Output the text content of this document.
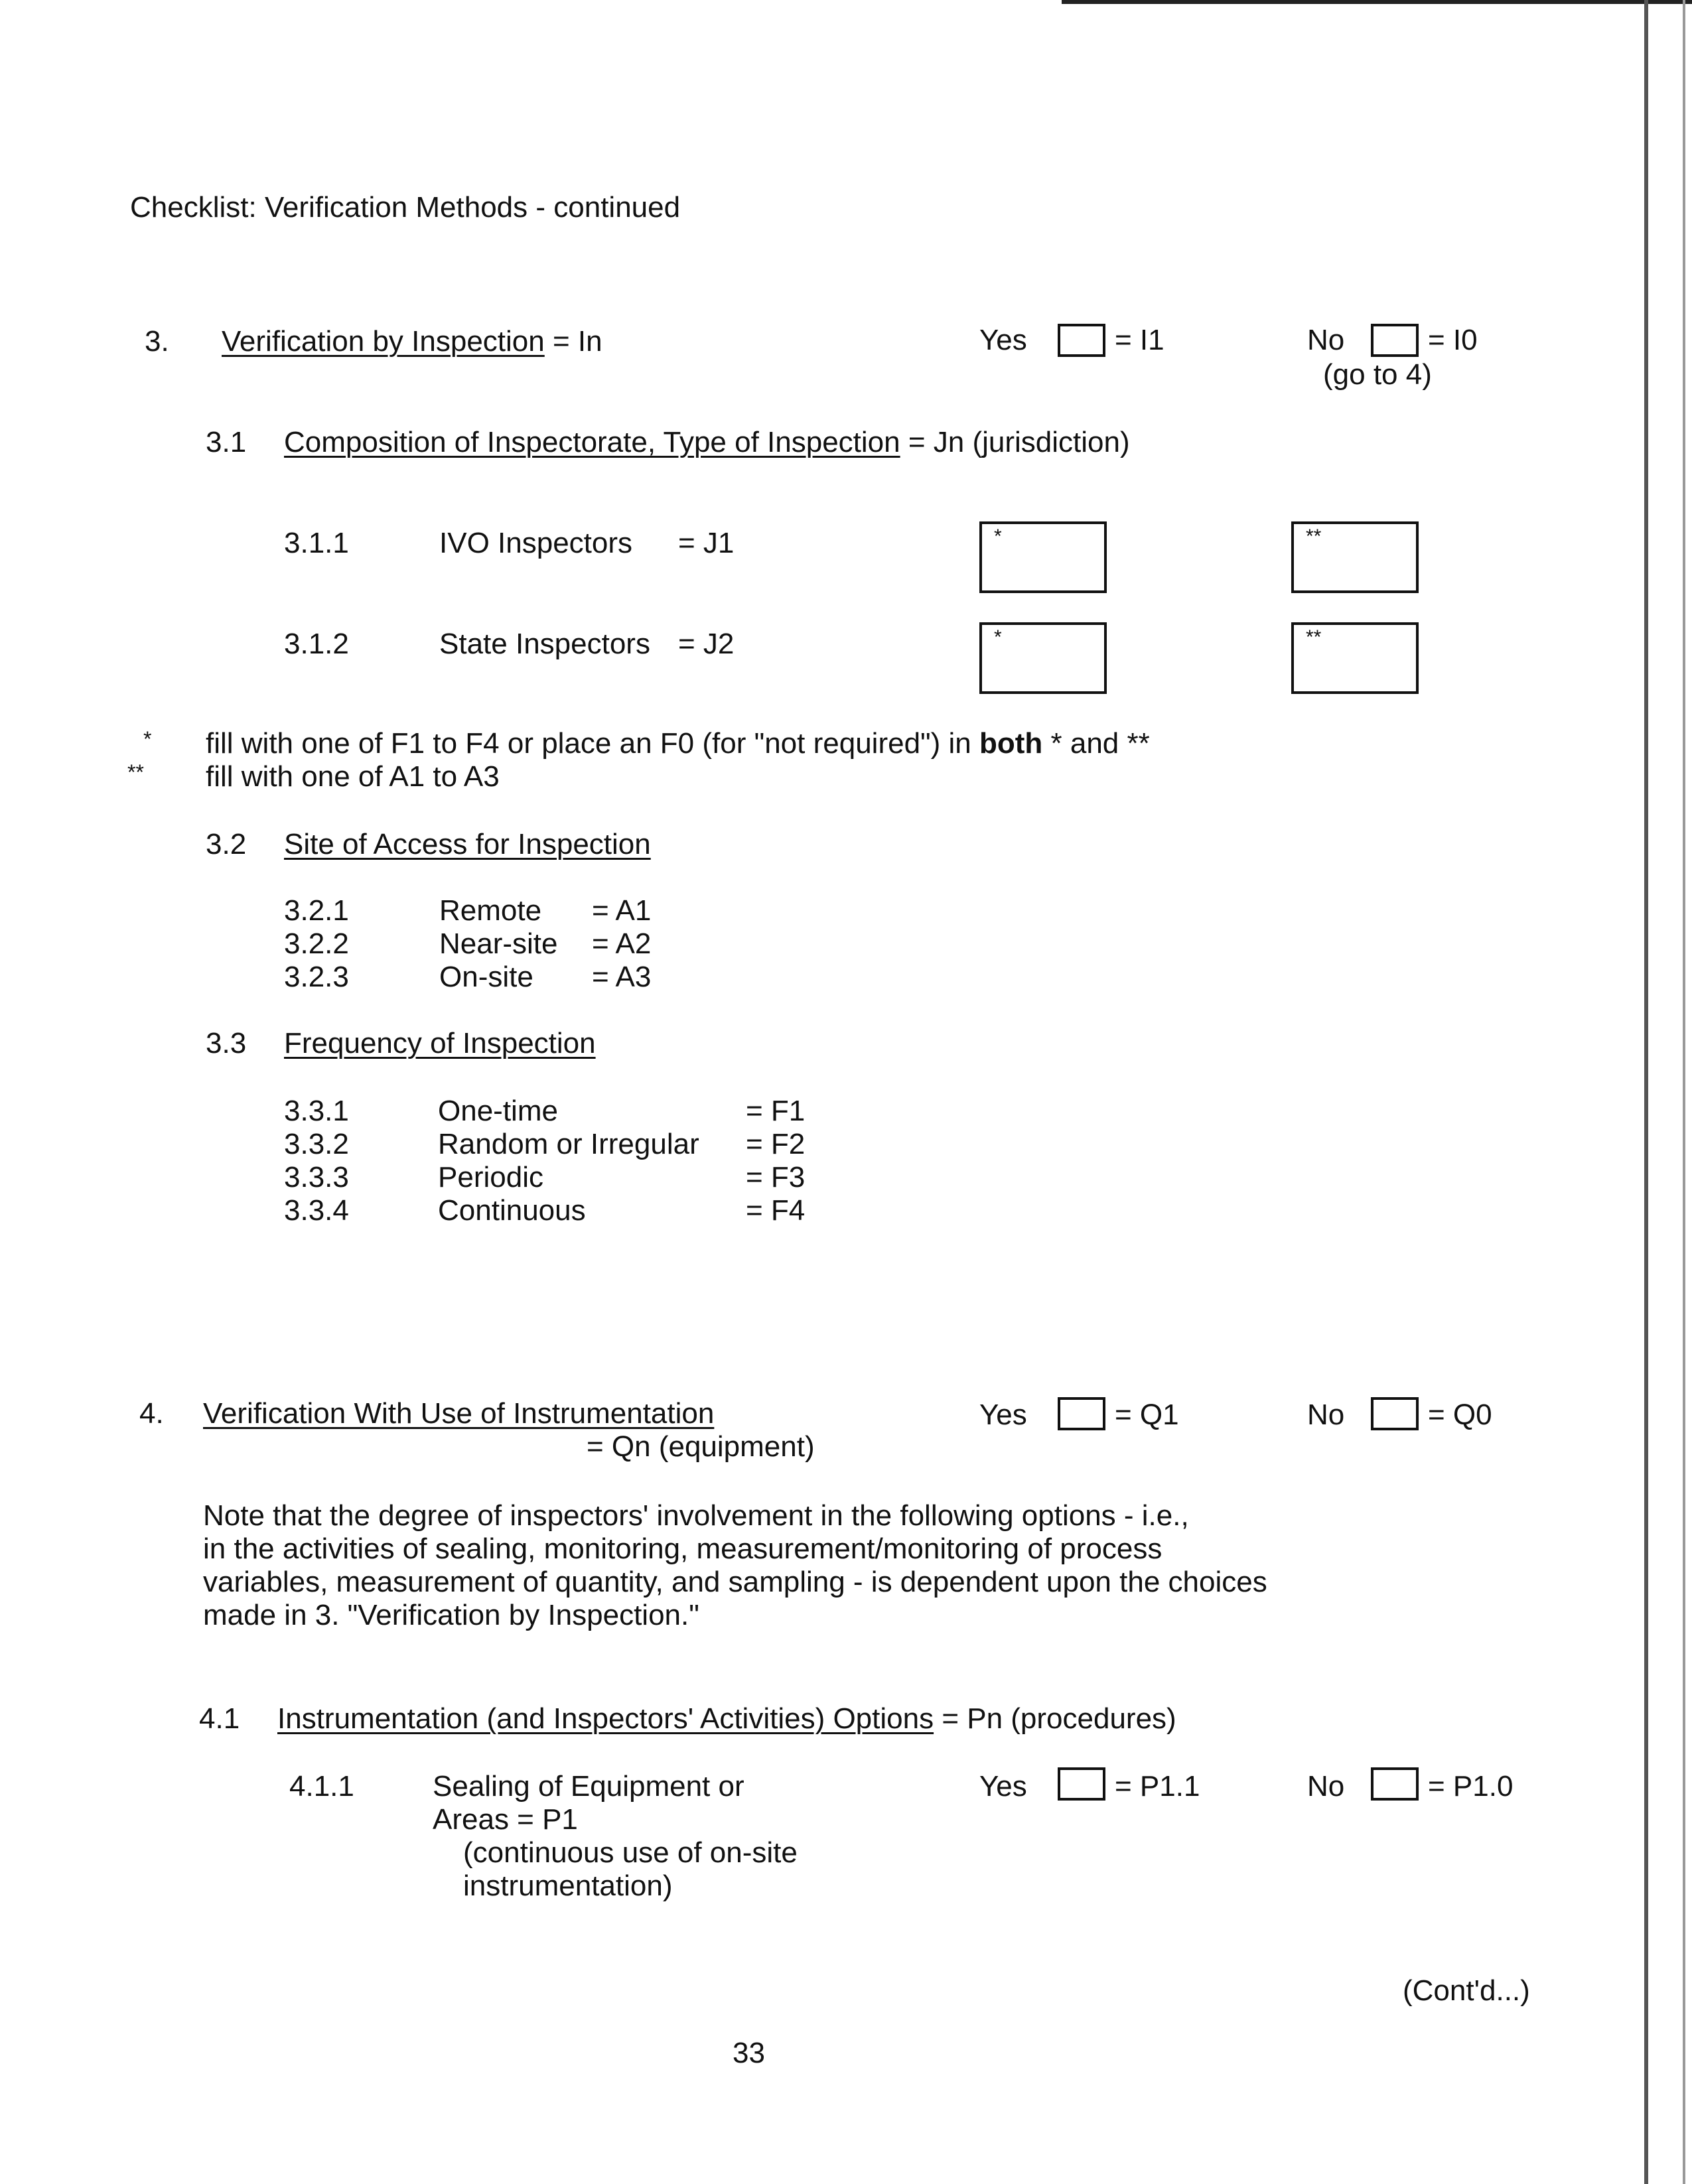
Checklist: Verification Methods - continued
3. Verification by Inspection = In	Yes	= I1	No	= I0
(go to 4)
3.1 Composition of Inspectorate, Type of Inspection = Jn (jurisdiction)
3.1.1	IVO Inspectors = J1	*	**
3.1.2	State Inspectors = J2	*	**
* fill with one of F1 to F4 or place an F0 (for "not required") in both * and **
** fill with one of A1 to A3
3.2 Site of Access for Inspection
3.2.1	Remote = A1
3.2.2	Near-site = A2
3.2.3	On-site = A3
3.3 Frequency of Inspection
3.3.1	One-time	= F1
3.3.2	Random or Irregular = F2
3.3.3	Periodic	= F3
3.3.4	Continuous	= F4
4. Verification With Use of Instrumentation
= Qn (equipment)
Yes	= Q1	No	= Q0
Note that the degree of inspectors' involvement in the following options - i.e.,
in the activities of sealing, monitoring, measurement/monitoring of process
variables, measurement of quantity, and sampling - is dependent upon the choices
made in 3. "Verification by Inspection."
4.1 Instrumentation (and Inspectors' Activities) Options = Pn (procedures)
4.1.1	Sealing of Equipment or
Areas = P1
(continuous use of on-site
instrumentation)
Yes	= P1.1	No	= P1.0
(Cont'd...)
33
